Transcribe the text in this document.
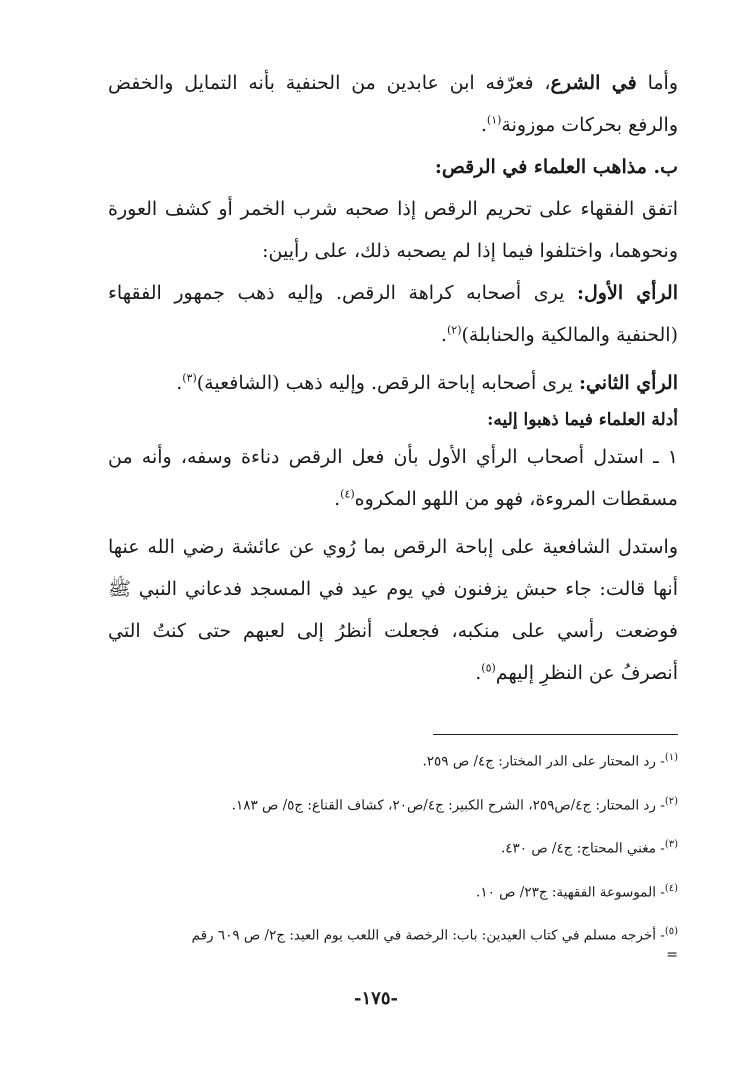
وأما في الشرع، فعرّفه ابن عابدين من الحنفية بأنه التمايل والخفض والرفع بحركات موزونة$^{(١)}$.

ب. مذاهب العلماء في الرقص:

اتفق الفقهاء على تحريم الرقص إذا صحبه شرب الخمر أو كشف العورة ونحوهما، واختلفوا فيما إذا لم يصحبه ذلك، على رأيين:

الرأي الأول: يرى أصحابه كراهة الرقص. وإليه ذهب جمهور الفقهاء (الحنفية والمالكية والحنابلة)$^{(٢)}$.

الرأي الثاني: يرى أصحابه إباحة الرقص. وإليه ذهب (الشافعية)$^{(٣)}$.

أدلة العلماء فيما ذهبوا إليه:

١ ـ استدل أصحاب الرأي الأول بأن فعل الرقص دناءة وسفه، وأنه من مسقطات المروءة، فهو من اللهو المكروه$^{(٤)}$.

واستدل الشافعية على إباحة الرقص بما رُوي عن عائشة رضي الله عنها أنها قالت: جاء حبش يزفنون في يوم عيد في المسجد فدعاني النبي ﷺ فوضعت رأسي على منكبه، فجعلت أنظرُ إلى لعبهم حتى كنتُ التي أنصرفُ عن النظرِ إليهم$^{(٥)}$.

$^{(١)}$- رد المحتار على الدر المختار: ج٤/ ص ٢٥٩.

$^{(٢)}$- رد المحتار: ج٤/ص٢٥٩، الشرح الكبير: ج٤/ص٢٠، كشاف القناع: ج٥/ ص ١٨٣.

$^{(٣)}$- مغني المحتاج: ج٤/ ص ٤٣٠.

$^{(٤)}$- الموسوعة الفقهية: ج٢٣/ ص ١٠.

$^{(٥)}$- أخرجه مسلم في كتاب العيدين: باب: الرخصة في اللعب يوم العيد: ج٢/ ص ٦٠٩ رقم

=
-١٧٥-
